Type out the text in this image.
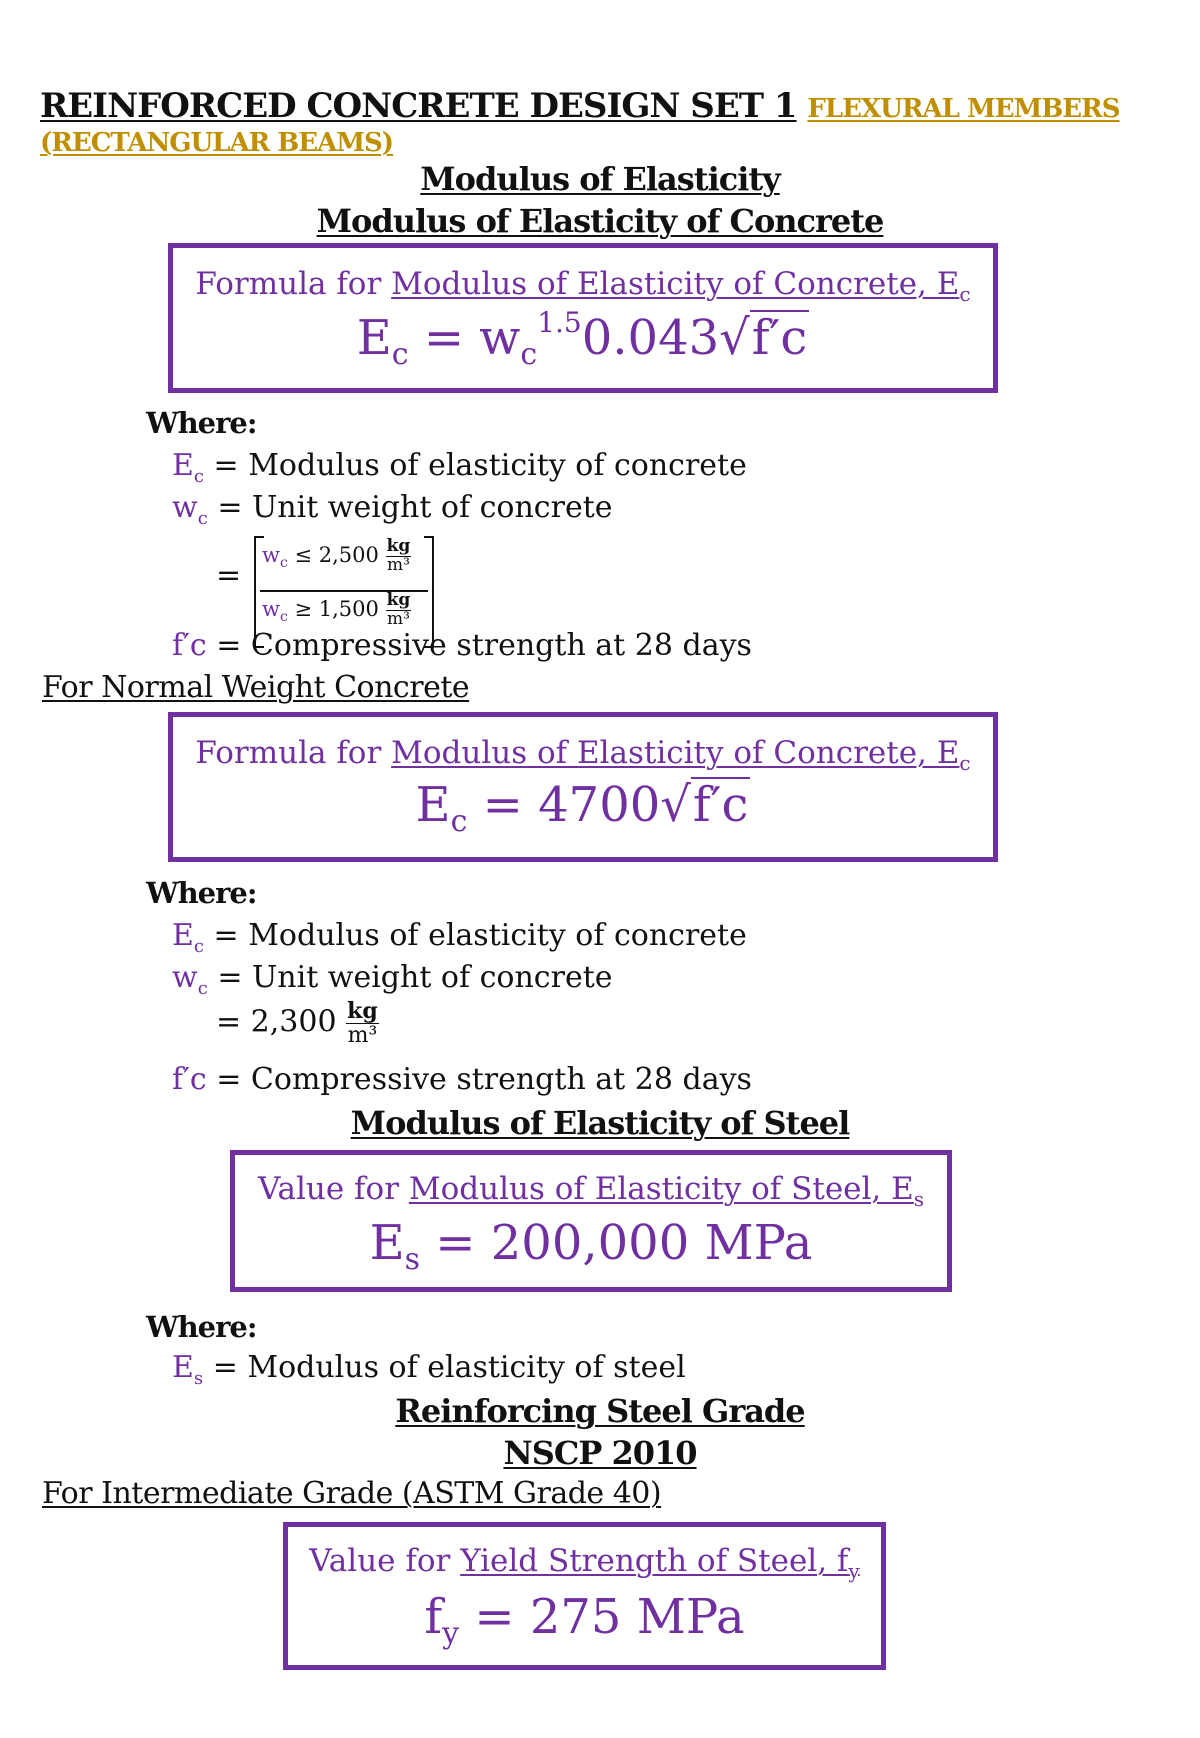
REINFORCED CONCRETE DESIGN SET 1 FLEXURAL MEMBERS
(RECTANGULAR BEAMS)
Modulus of Elasticity
Modulus of Elasticity of Concrete
Formula for Modulus of Elasticity of Concrete, $E_c$
$E_c = w_c^{1.5}0.043√f'c$
Where:
$E_c$ = Modulus of elasticity of concrete
$w_c$ = Unit weight of concrete
=
$w_c \le 2,500 \frac{kg}{\text{m³}}$
$w_c \ge 1,500 \frac{kg}{\text{m³}}$
f′c = Compressive strength at 28 days
For Normal Weight Concrete
Formula for Modulus of Elasticity of Concrete, $E_c$
$E_c = 4700√f'c$
Where:
$E_c$ = Modulus of elasticity of concrete
$w_c$ = Unit weight of concrete
= $2,300 \frac{kg}{\text{m³}}$
f′c = Compressive strength at 28 days
Modulus of Elasticity of Steel
Value for Modulus of Elasticity of Steel, $E_s$
$E_s = 200,000$ MPa
Where:
$E_s$ = Modulus of elasticity of steel
Reinforcing Steel Grade
NSCP 2010
For Intermediate Grade (ASTM Grade 40)
Value for Yield Strength of Steel, $f_y$
$f_y = 275$ MPa
